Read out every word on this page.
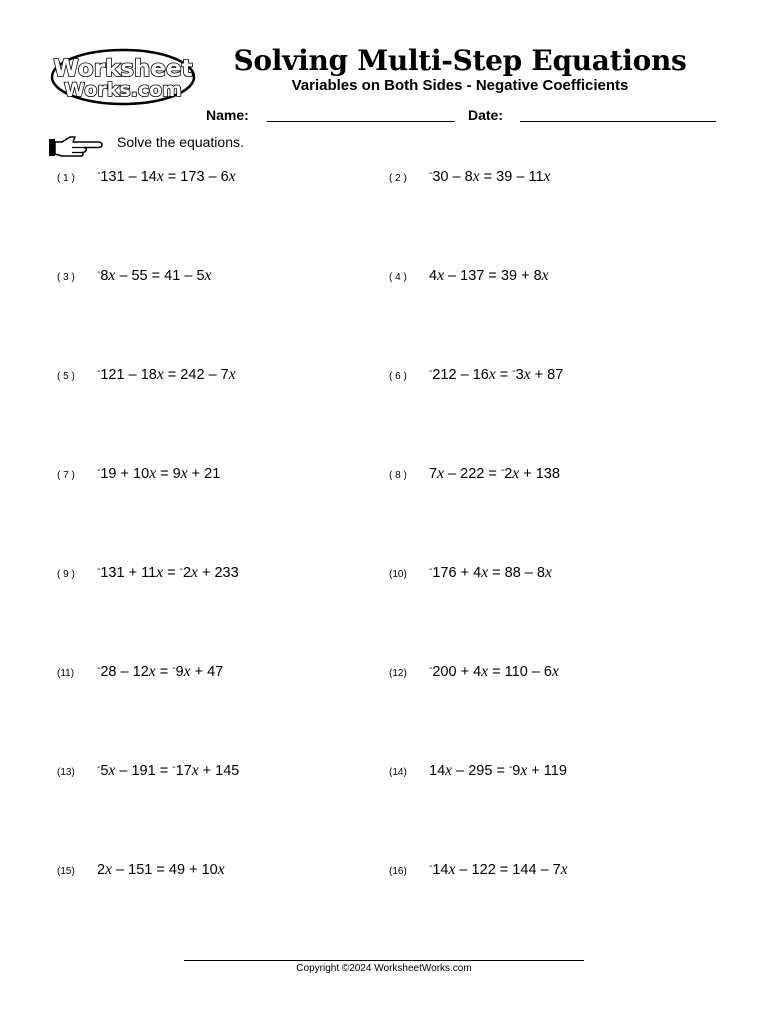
Worksheet
Works.com
Solving Multi-Step Equations
Variables on Both Sides - Negative Coefficients
Name:	Date:
Solve the equations.
( 1 )	-131 – 14x = 173 – 6x	( 2 )	-30 – 8x = 39 – 11x
( 3 )	-8x – 55 = 41 – 5x	( 4 )	4x – 137 = 39 + 8x
( 5 )	-121 – 18x = 242 – 7x	( 6 )	-212 – 16x = -3x + 87
( 7 )	-19 + 10x = 9x + 21	( 8 )	7x – 222 = -2x + 138
( 9 )	-131 + 11x = -2x + 233	(10)	-176 + 4x = 88 – 8x
(11)	-28 – 12x = -9x + 47	(12)	-200 + 4x = 110 – 6x
(13)	-5x – 191 = -17x + 145	(14)	14x – 295 = -9x + 119
(15)	2x – 151 = 49 + 10x	(16)	-14x – 122 = 144 – 7x
Copyright ©2024 WorksheetWorks.com
